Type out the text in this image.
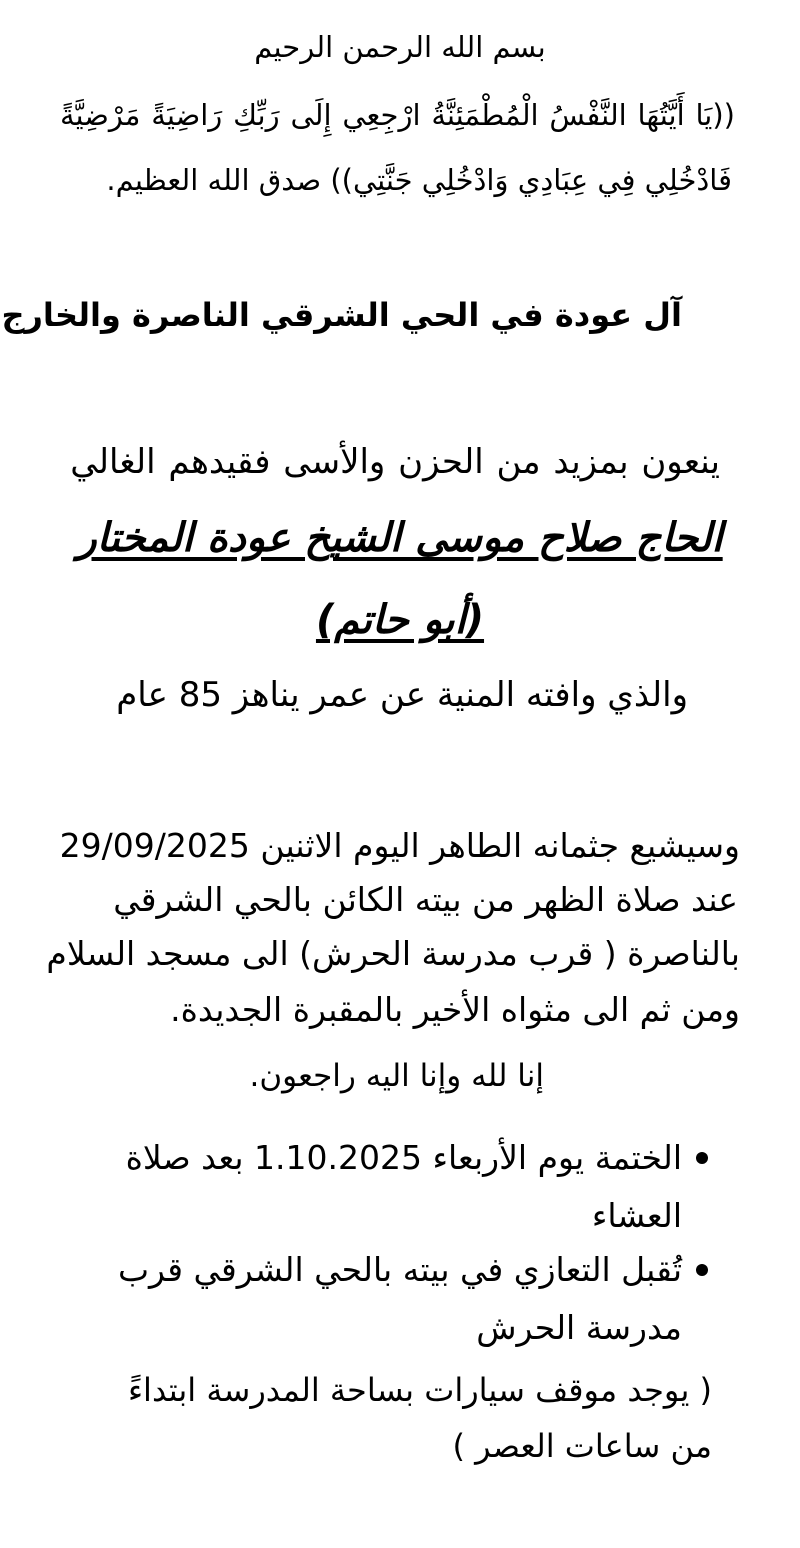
بسم الله الرحمن الرحيم
((يَا أَيَّتُهَا النَّفْسُ الْمُطْمَئِنَّةُ ارْجِعِي إِلَى رَبِّكِ رَاضِيَةً مَرْضِيَّةً
فَادْخُلِي فِي عِبَادِي وَادْخُلِي جَنَّتِي)) صدق الله العظيم.
آل عودة في الحي الشرقي الناصرة والخارج
ينعون بمزيد من الحزن والأسى فقيدهم الغالي
الحاج صلاح موسى الشيخ عودة المختار
(أبو حاتم)
والذي وافته المنية عن عمر يناهز 85 عام
وسيشيع جثمانه الطاهر اليوم الاثنين 29/09/2025
عند صلاة الظهر من بيته الكائن بالحي الشرقي
بالناصرة ( قرب مدرسة الحرش) الى مسجد السلام
ومن ثم الى مثواه الأخير بالمقبرة الجديدة.
إنا لله وإنا اليه راجعون.
الختمة يوم الأربعاء 1.10.2025 بعد صلاة العشاء
تُقبل التعازي في بيته بالحي الشرقي قرب مدرسة الحرش
( يوجد موقف سيارات بساحة المدرسة ابتداءً من ساعات العصر )
